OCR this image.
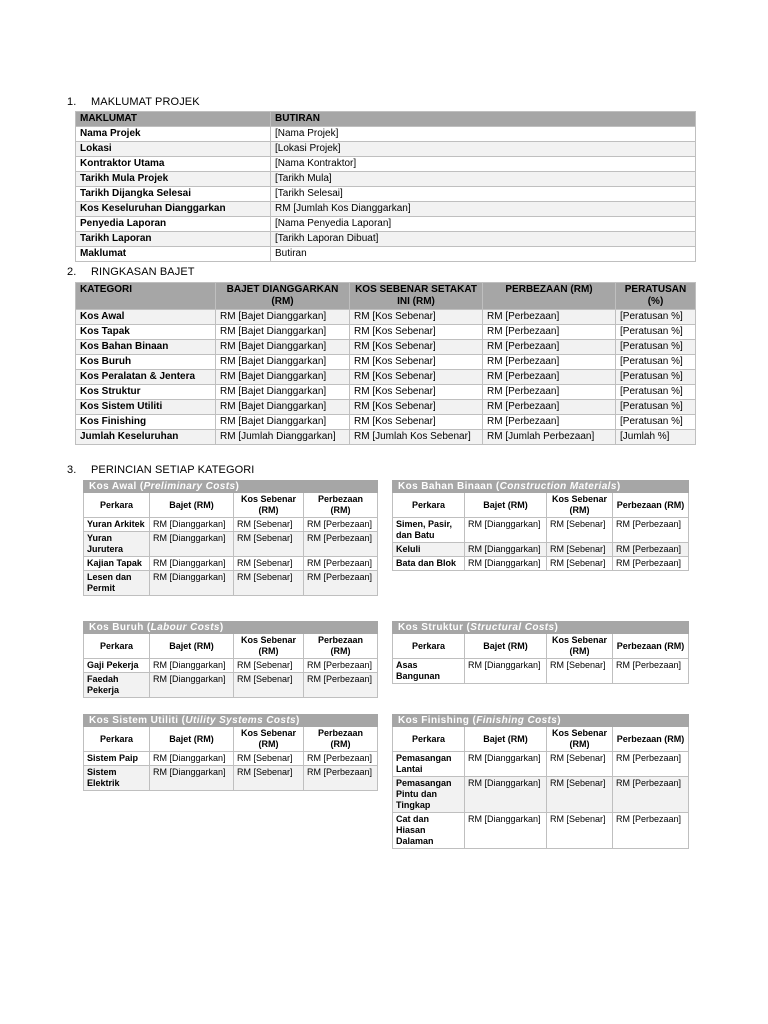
1. MAKLUMAT PROJEK
MAKLUMAT	BUTIRAN
Nama Projek	[Nama Projek]
Lokasi	[Lokasi Projek]
Kontraktor Utama	[Nama Kontraktor]
Tarikh Mula Projek	[Tarikh Mula]
Tarikh Dijangka Selesai	[Tarikh Selesai]
Kos Keseluruhan Dianggarkan	RM [Jumlah Kos Dianggarkan]
Penyedia Laporan	[Nama Penyedia Laporan]
Tarikh Laporan	[Tarikh Laporan Dibuat]
Maklumat	Butiran
2. RINGKASAN BAJET
KATEGORI	BAJET DIANGGARKAN (RM)	KOS SEBENAR SETAKAT INI (RM)	PERBEZAAN (RM)	PERATUSAN (%)
Kos Awal	RM [Bajet Dianggarkan]	RM [Kos Sebenar]	RM [Perbezaan]	[Peratusan %]
Kos Tapak	RM [Bajet Dianggarkan]	RM [Kos Sebenar]	RM [Perbezaan]	[Peratusan %]
Kos Bahan Binaan	RM [Bajet Dianggarkan]	RM [Kos Sebenar]	RM [Perbezaan]	[Peratusan %]
Kos Buruh	RM [Bajet Dianggarkan]	RM [Kos Sebenar]	RM [Perbezaan]	[Peratusan %]
Kos Peralatan & Jentera	RM [Bajet Dianggarkan]	RM [Kos Sebenar]	RM [Perbezaan]	[Peratusan %]
Kos Struktur	RM [Bajet Dianggarkan]	RM [Kos Sebenar]	RM [Perbezaan]	[Peratusan %]
Kos Sistem Utiliti	RM [Bajet Dianggarkan]	RM [Kos Sebenar]	RM [Perbezaan]	[Peratusan %]
Kos Finishing	RM [Bajet Dianggarkan]	RM [Kos Sebenar]	RM [Perbezaan]	[Peratusan %]
Jumlah Keseluruhan	RM [Jumlah Dianggarkan]	RM [Jumlah Kos Sebenar]	RM [Jumlah Perbezaan]	[Jumlah %]
3. PERINCIAN SETIAP KATEGORI
Kos Awal (Preliminary Costs)			
Perkara	Bajet (RM)	Kos Sebenar (RM)	Perbezaan (RM)
Yuran Arkitek	RM [Dianggarkan]	RM [Sebenar]	RM [Perbezaan]
Yuran Jurutera	RM [Dianggarkan]	RM [Sebenar]	RM [Perbezaan]
Kajian Tapak	RM [Dianggarkan]	RM [Sebenar]	RM [Perbezaan]
Lesen dan Permit	RM [Dianggarkan]	RM [Sebenar]	RM [Perbezaan]
Kos Bahan Binaan (Construction Materials)			
Perkara	Bajet (RM)	Kos Sebenar (RM)	Perbezaan (RM)
Simen, Pasir, dan Batu	RM [Dianggarkan]	RM [Sebenar]	RM [Perbezaan]
Keluli	RM [Dianggarkan]	RM [Sebenar]	RM [Perbezaan]
Bata dan Blok	RM [Dianggarkan]	RM [Sebenar]	RM [Perbezaan]
Kos Buruh (Labour Costs)			
Perkara	Bajet (RM)	Kos Sebenar (RM)	Perbezaan (RM)
Gaji Pekerja	RM [Dianggarkan]	RM [Sebenar]	RM [Perbezaan]
Faedah Pekerja	RM [Dianggarkan]	RM [Sebenar]	RM [Perbezaan]
Kos Struktur (Structural Costs)			
Perkara	Bajet (RM)	Kos Sebenar (RM)	Perbezaan (RM)
Asas Bangunan	RM [Dianggarkan]	RM [Sebenar]	RM [Perbezaan]
Kos Sistem Utiliti (Utility Systems Costs)			
Perkara	Bajet (RM)	Kos Sebenar (RM)	Perbezaan (RM)
Sistem Paip	RM [Dianggarkan]	RM [Sebenar]	RM [Perbezaan]
Sistem Elektrik	RM [Dianggarkan]	RM [Sebenar]	RM [Perbezaan]
Kos Finishing (Finishing Costs)			
Perkara	Bajet (RM)	Kos Sebenar (RM)	Perbezaan (RM)
Pemasangan Lantai	RM [Dianggarkan]	RM [Sebenar]	RM [Perbezaan]
Pemasangan Pintu dan Tingkap	RM [Dianggarkan]	RM [Sebenar]	RM [Perbezaan]
Cat dan Hiasan Dalaman	RM [Dianggarkan]	RM [Sebenar]	RM [Perbezaan]
